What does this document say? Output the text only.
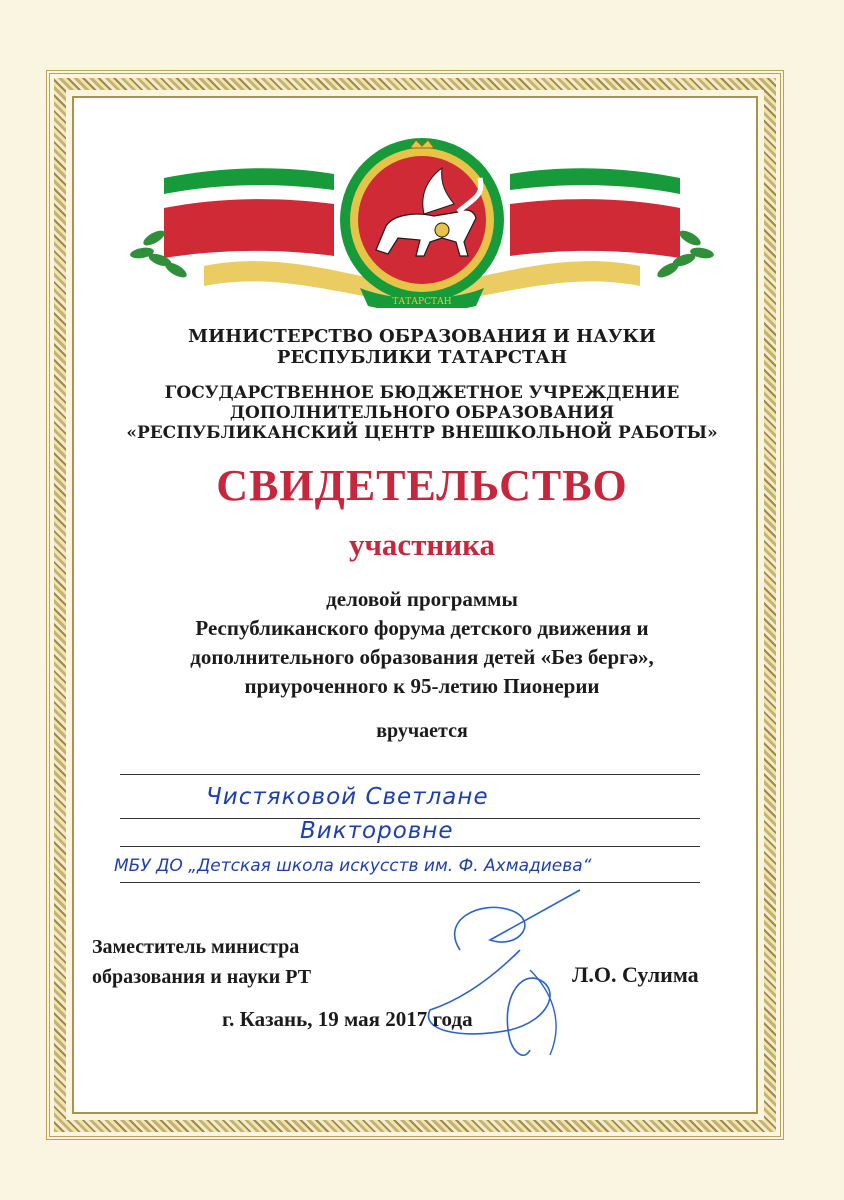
ТАТАРСТАН
МИНИСТЕРСТВО ОБРАЗОВАНИЯ И НАУКИ
РЕСПУБЛИКИ ТАТАРСТАН
ГОСУДАРСТВЕННОЕ БЮДЖЕТНОЕ УЧРЕЖДЕНИЕ
ДОПОЛНИТЕЛЬНОГО ОБРАЗОВАНИЯ
«РЕСПУБЛИКАНСКИЙ ЦЕНТР ВНЕШКОЛЬНОЙ РАБОТЫ»
СВИДЕТЕЛЬСТВО
участника
деловой программы
Республиканского форума детского движения и
дополнительного образования детей «Без бергә»,
приуроченного к 95-летию Пионерии
вручается
Чистяковой Светлане
Викторовне
МБУ ДО „Детская школа искусств им. Ф. Ахмадиева“
Заместитель министра
образования и науки РТ	Л.О. Сулима
г. Казань, 19 мая 2017 года
